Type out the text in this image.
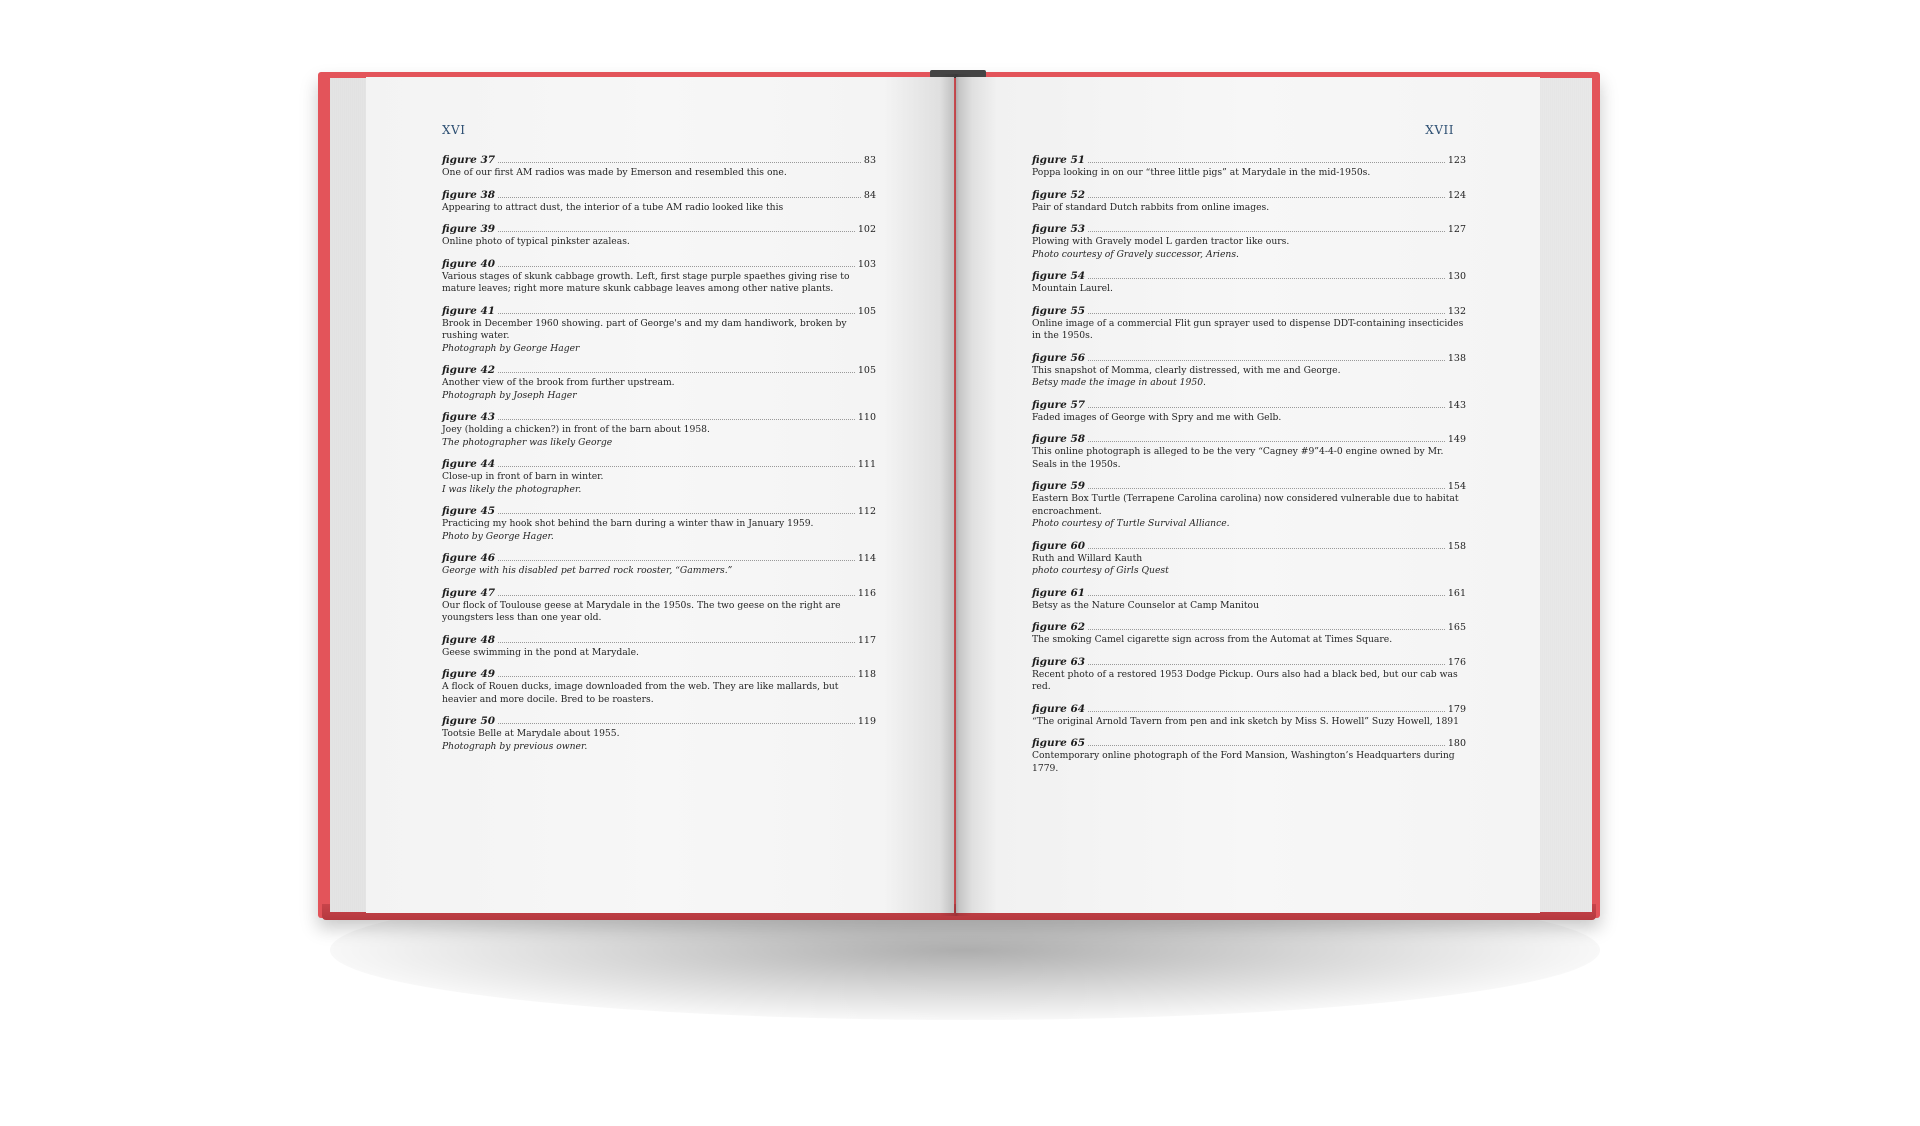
XVI
figure 37	83
One of our first AM radios was made by Emerson and resembled this one.
figure 38	84
Appearing to attract dust, the interior of a tube AM radio looked like this
figure 39	102
Online photo of typical pinkster azaleas.
figure 40	103
Various stages of skunk cabbage growth. Left, first stage purple spaethes giving rise to mature leaves; right more mature skunk cabbage leaves among other native plants.
figure 41	105
Brook in December 1960 showing. part of George's and my dam handiwork, broken by rushing water.
Photograph by George Hager
figure 42	105
Another view of the brook from further upstream.
Photograph by Joseph Hager
figure 43	110
Joey (holding a chicken?) in front of the barn about 1958.
The photographer was likely George
figure 44	111
Close-up in front of barn in winter.
I was likely the photographer.
figure 45	112
Practicing my hook shot behind the barn during a winter thaw in January 1959.
Photo by George Hager.
figure 46	114
George with his disabled pet barred rock rooster, “Gammers.”
figure 47	116
Our flock of Toulouse geese at Marydale in the 1950s. The two geese on the right are youngsters less than one year old.
figure 48	117
Geese swimming in the pond at Marydale.
figure 49	118
A flock of Rouen ducks, image downloaded from the web. They are like mallards, but heavier and more docile. Bred to be roasters.
figure 50	119
Tootsie Belle at Marydale about 1955.
Photograph by previous owner.
XVII
figure 51	123
Poppa looking in on our “three little pigs” at Marydale in the mid-1950s.
figure 52	124
Pair of standard Dutch rabbits from online images.
figure 53	127
Plowing with Gravely model L garden tractor like ours.
Photo courtesy of Gravely successor, Ariens.
figure 54	130
Mountain Laurel.
figure 55	132
Online image of a commercial Flit gun sprayer used to dispense DDT-containing insecticides in the 1950s.
figure 56	138
This snapshot of Momma, clearly distressed, with me and George.
Betsy made the image in about 1950.
figure 57	143
Faded images of George with Spry and me with Gelb.
figure 58	149
This online photograph is alleged to be the very “Cagney #9”4-4-0 engine owned by Mr. Seals in the 1950s.
figure 59	154
Eastern Box Turtle (Terrapene Carolina carolina) now considered vulnerable due to habitat encroachment.
Photo courtesy of Turtle Survival Alliance.
figure 60	158
Ruth and Willard Kauth
photo courtesy of Girls Quest
figure 61	161
Betsy as the Nature Counselor at Camp Manitou
figure 62	165
The smoking Camel cigarette sign across from the Automat at Times Square.
figure 63	176
Recent photo of a restored 1953 Dodge Pickup. Ours also had a black bed, but our cab was red.
figure 64	179
“The original Arnold Tavern from pen and ink sketch by Miss S. Howell” Suzy Howell, 1891
figure 65	180
Contemporary online photograph of the Ford Mansion, Washington’s Headquarters during 1779.
